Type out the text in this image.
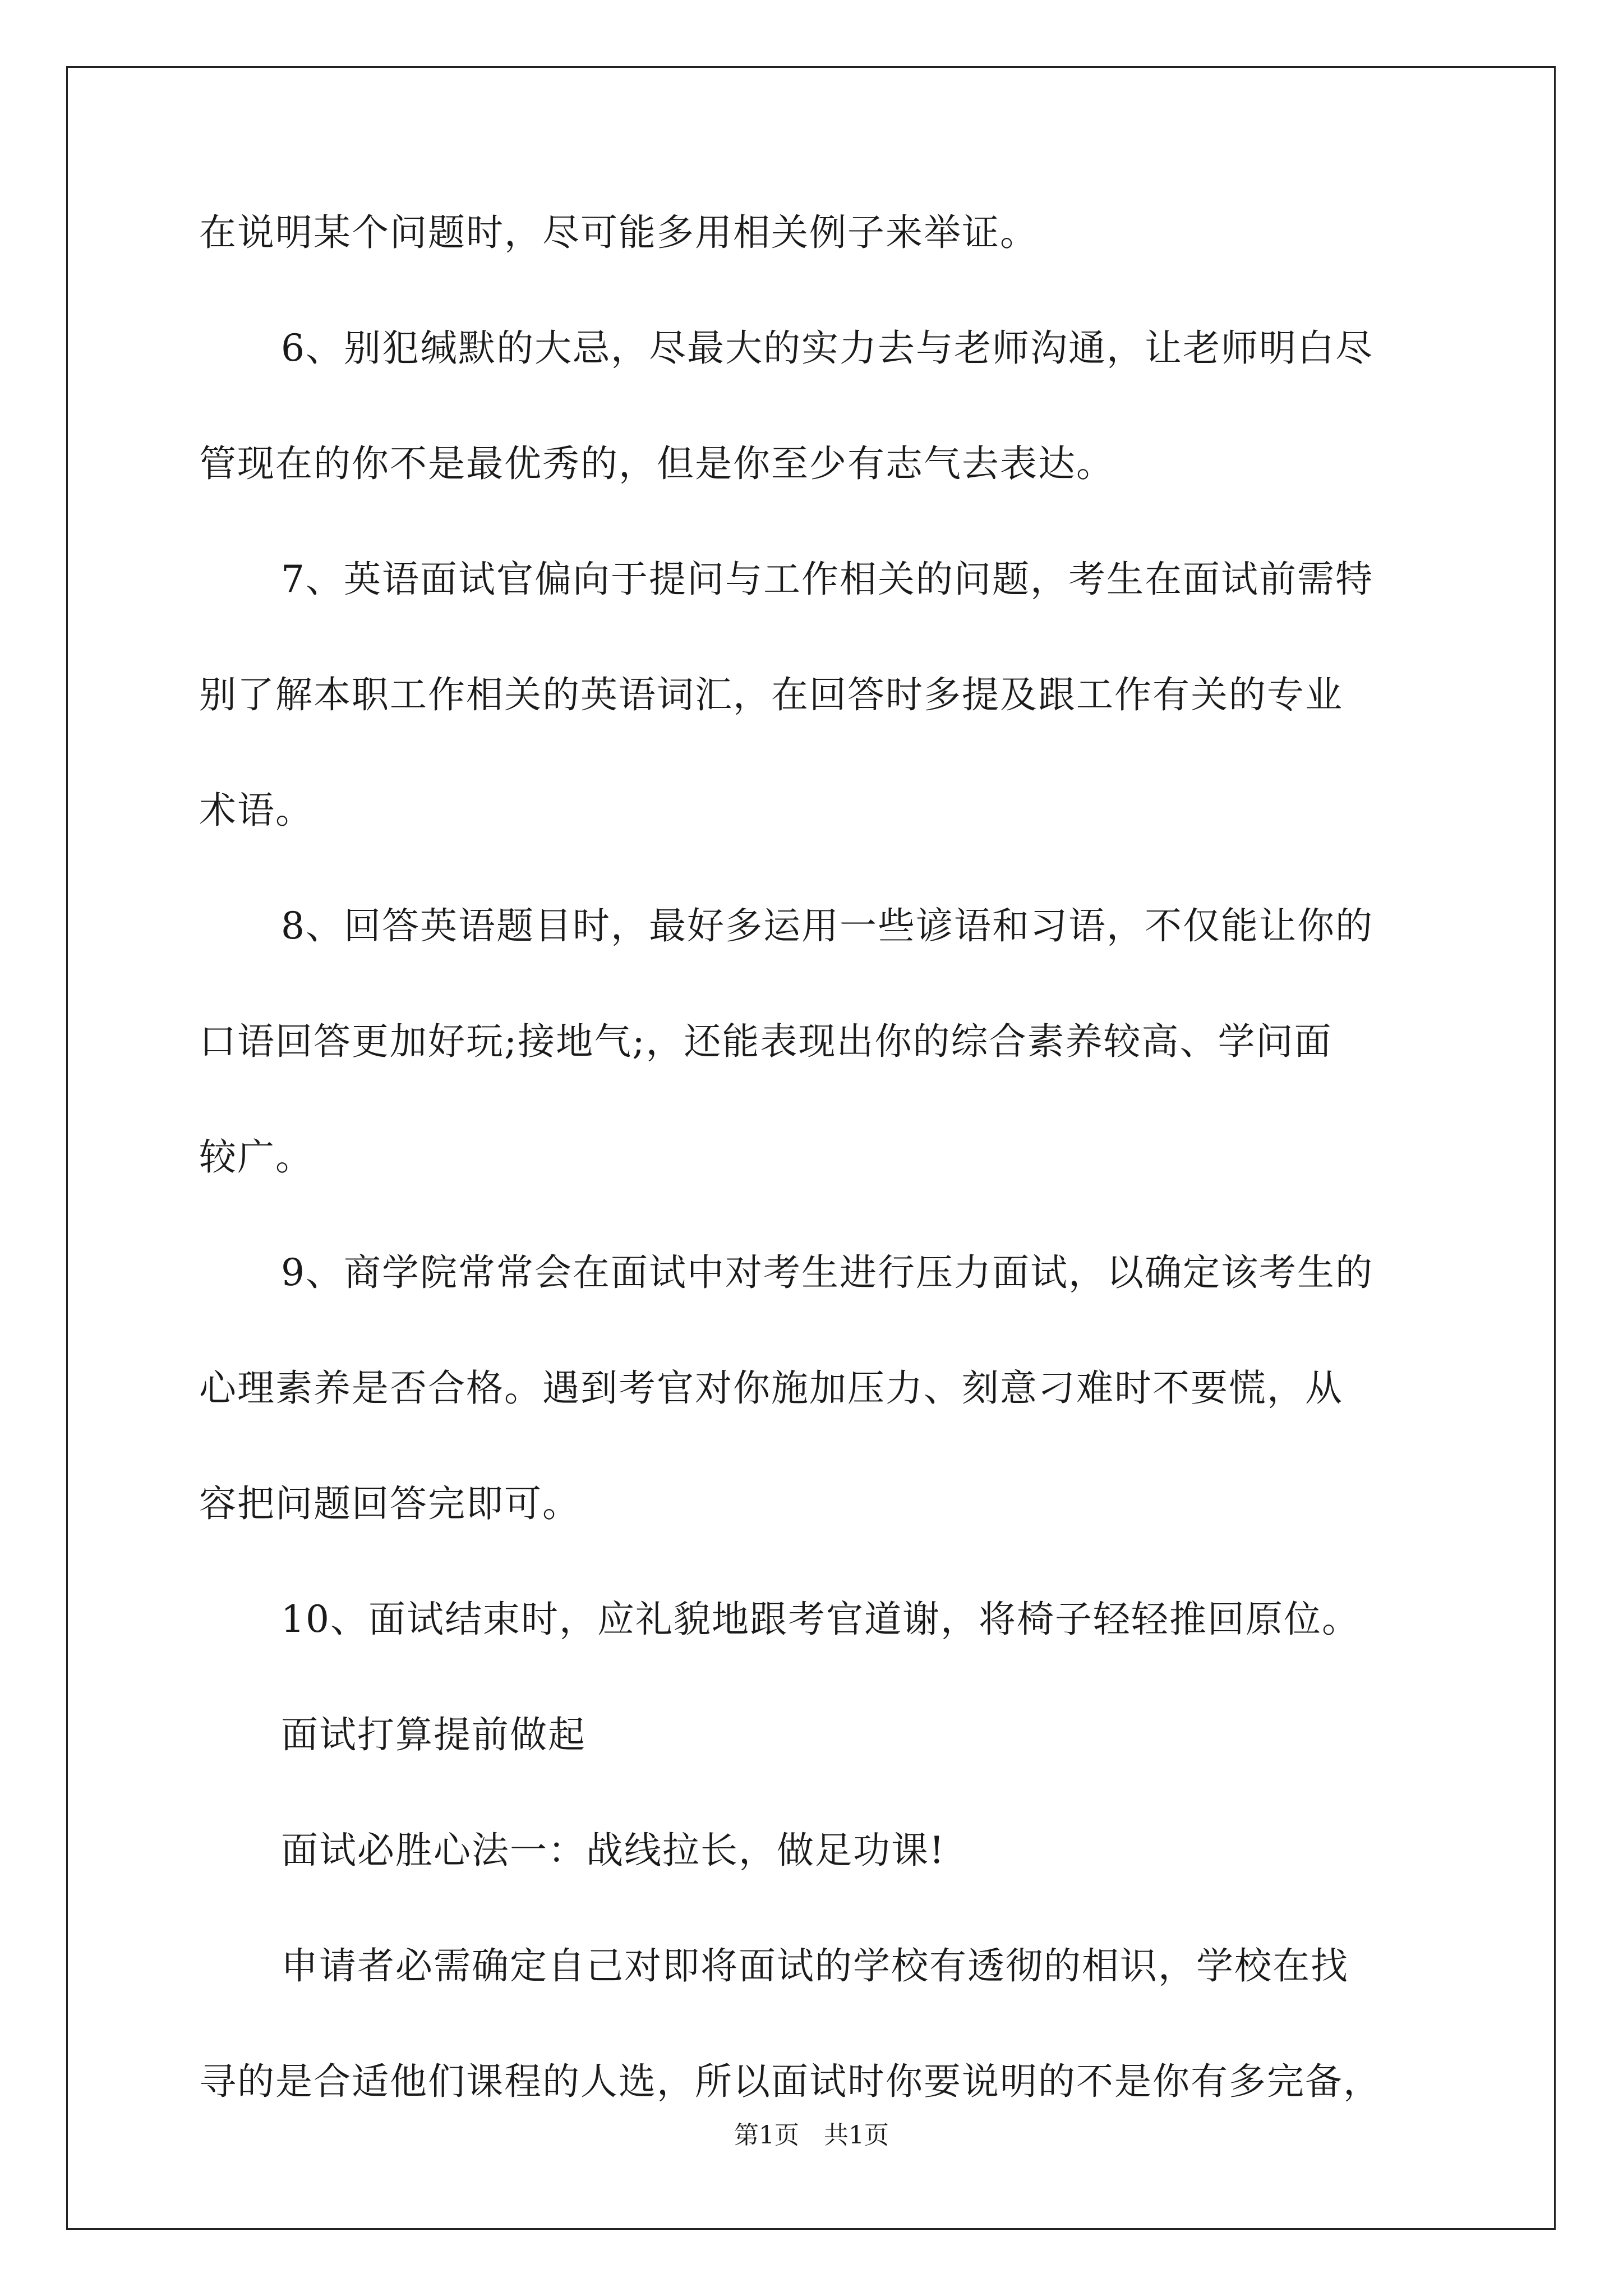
在说明某个问题时，尽可能多用相关例子来举证。

6、别犯缄默的大忌，尽最大的实力去与老师沟通，让老师明白尽

管现在的你不是最优秀的，但是你至少有志气去表达。

7、英语面试官偏向于提问与工作相关的问题，考生在面试前需特

别了解本职工作相关的英语词汇，在回答时多提及跟工作有关的专业

术语。

8、回答英语题目时，最好多运用一些谚语和习语，不仅能让你的

口语回答更加好玩;接地气;，还能表现出你的综合素养较高、学问面

较广。

9、商学院常常会在面试中对考生进行压力面试，以确定该考生的

心理素养是否合格。遇到考官对你施加压力、刻意刁难时不要慌，从

容把问题回答完即可。

10、面试结束时，应礼貌地跟考官道谢，将椅子轻轻推回原位。

面试打算提前做起

面试必胜心法一：战线拉长，做足功课!

申请者必需确定自己对即将面试的学校有透彻的相识，学校在找

寻的是合适他们课程的人选，所以面试时你要说明的不是你有多完备，

第1页　共1页
